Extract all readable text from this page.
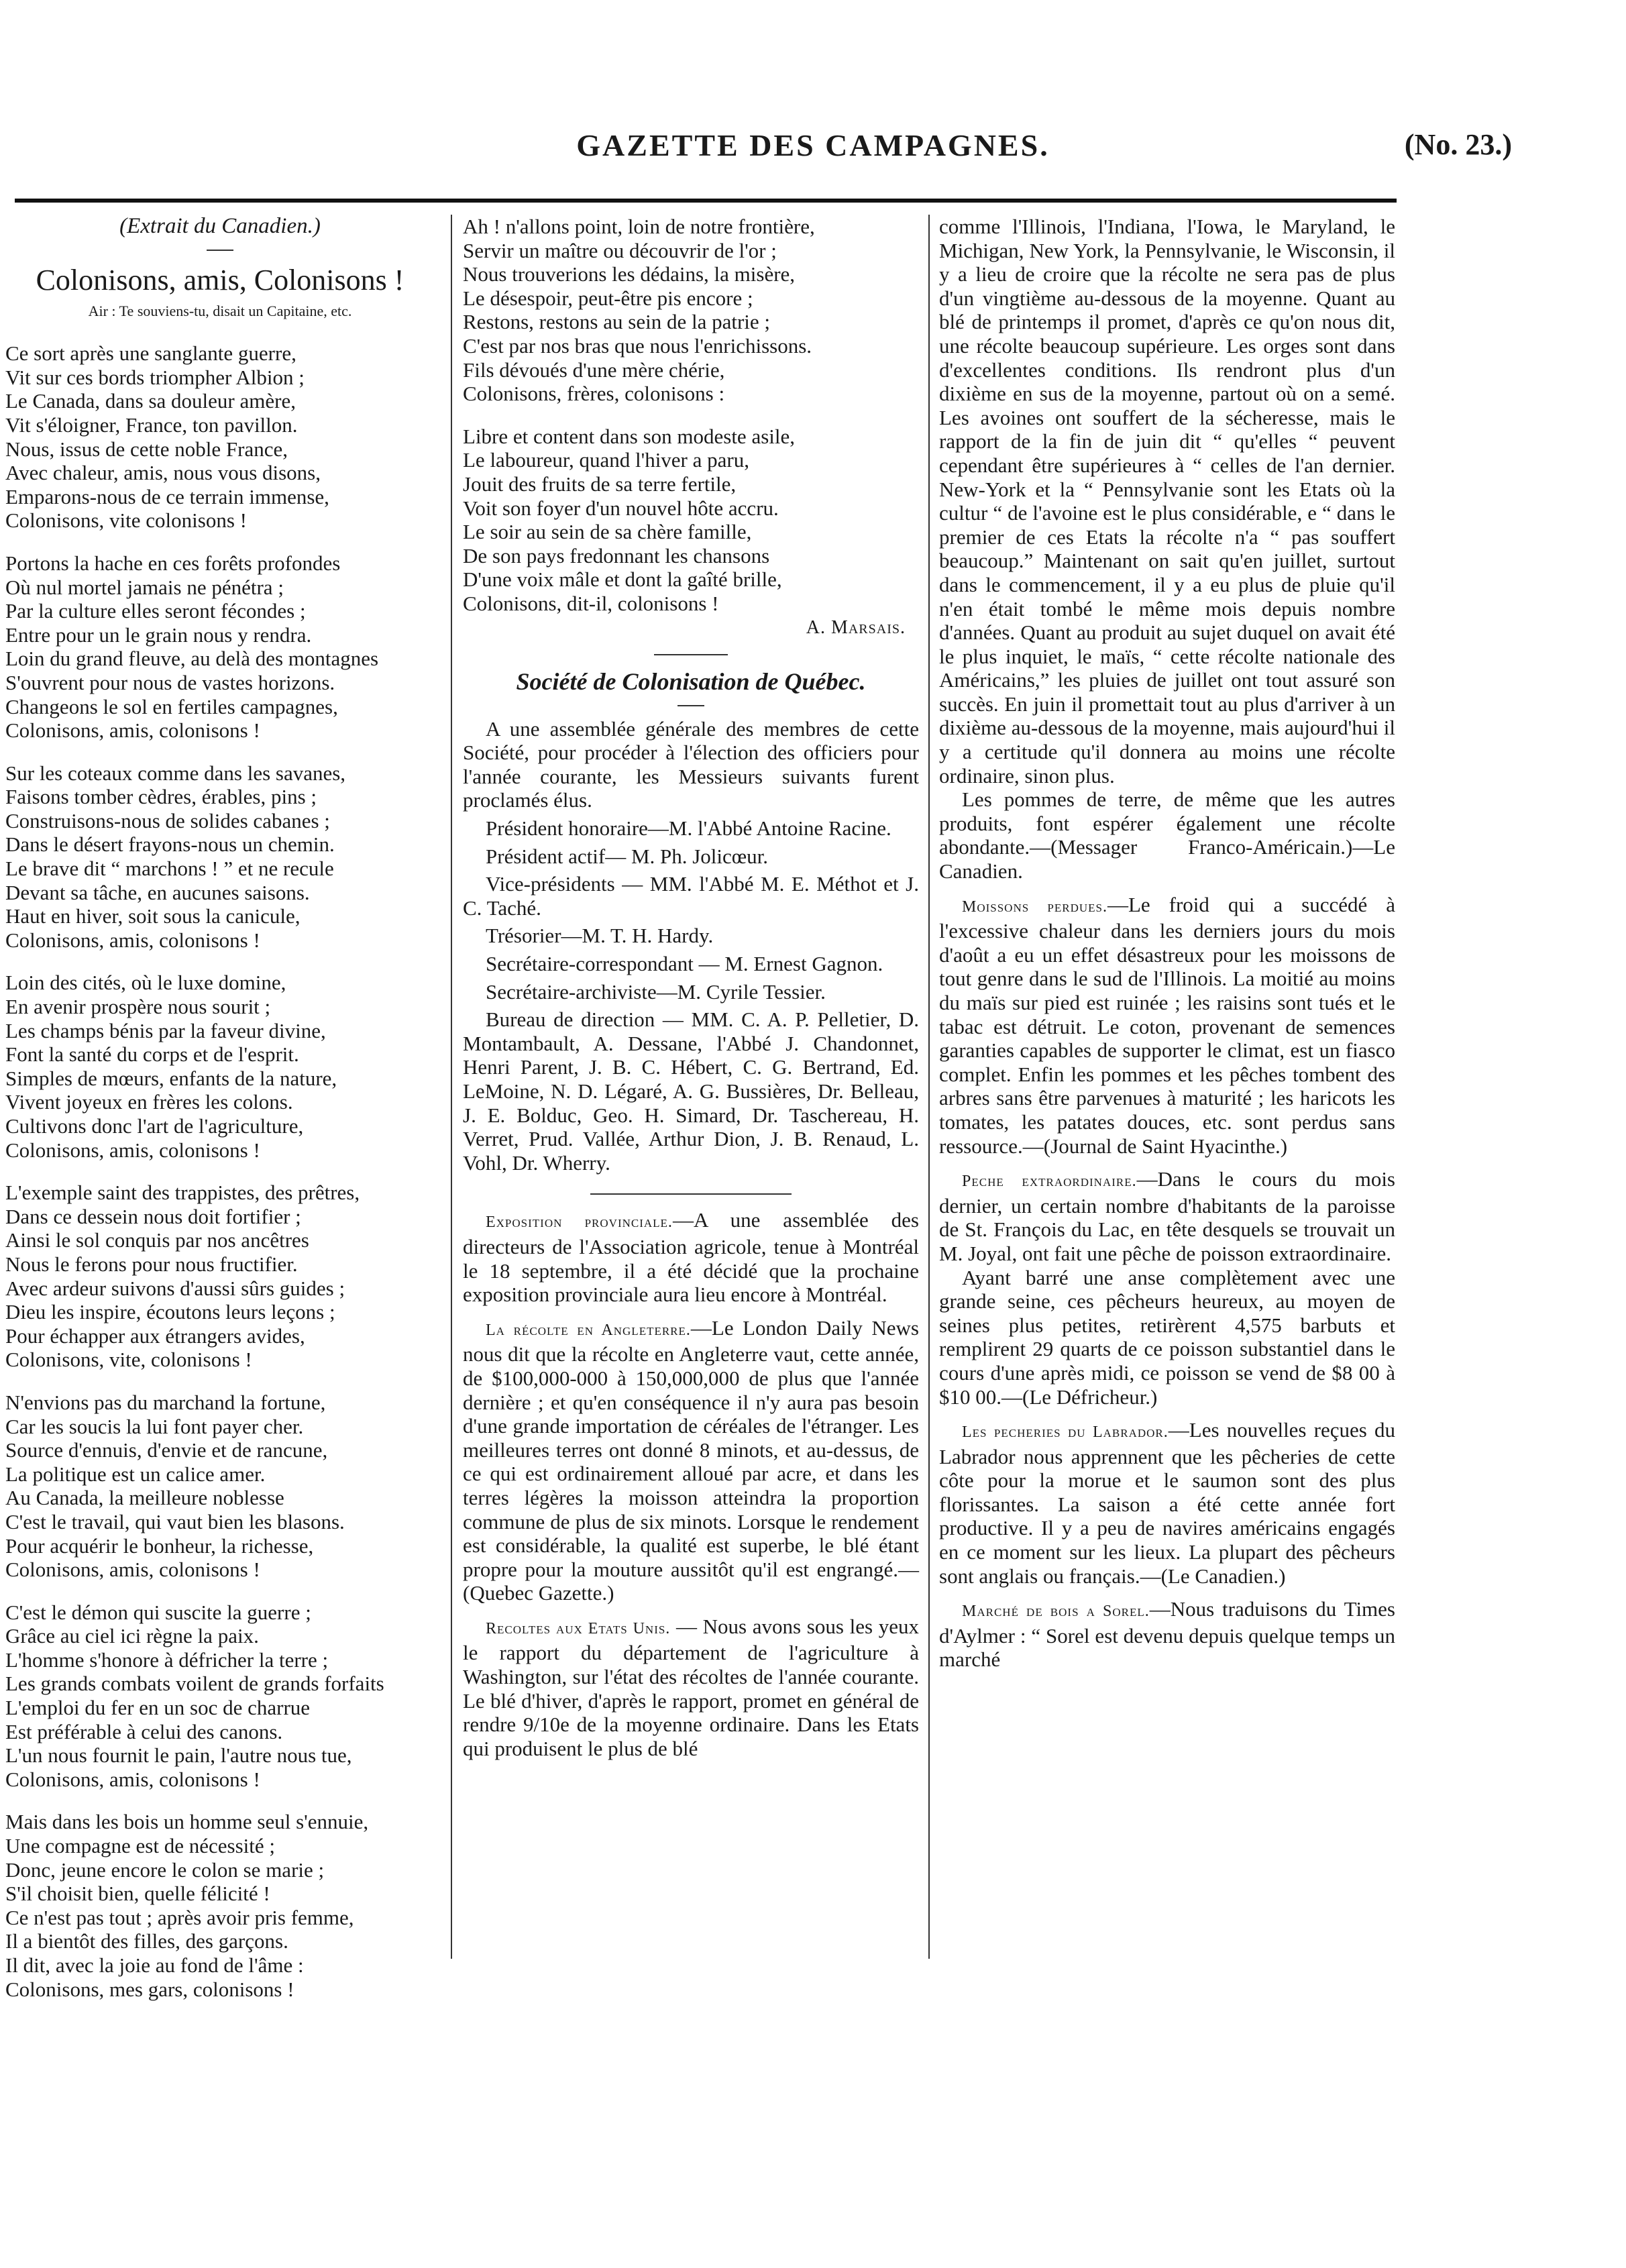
GAZETTE DES CAMPAGNES.	(No. 23.)

(Extrait du Canadien.)

Colonisons, amis, Colonisons !

Air : Te souviens-tu, disait un Capitaine, etc.

Ce sort après une sanglante guerre,

Vit sur ces bords triompher Albion ;

Le Canada, dans sa douleur amère,

Vit s'éloigner, France, ton pavillon.

Nous, issus de cette noble France,

Avec chaleur, amis, nous vous disons,

Emparons-nous de ce terrain immense,

Colonisons, vite colonisons !

Portons la hache en ces forêts profondes

Où nul mortel jamais ne pénétra ;

Par la culture elles seront fécondes ;

Entre pour un le grain nous y rendra.

Loin du grand fleuve, au delà des montagnes

S'ouvrent pour nous de vastes horizons.

Changeons le sol en fertiles campagnes,

Colonisons, amis, colonisons !

Sur les coteaux comme dans les savanes,

Faisons tomber cèdres, érables, pins ;

Construisons-nous de solides cabanes ;

Dans le désert frayons-nous un chemin.

Le brave dit “ marchons ! ” et ne recule

Devant sa tâche, en aucunes saisons.

Haut en hiver, soit sous la canicule,

Colonisons, amis, colonisons !

Loin des cités, où le luxe domine,

En avenir prospère nous sourit ;

Les champs bénis par la faveur divine,

Font la santé du corps et de l'esprit.

Simples de mœurs, enfants de la nature,

Vivent joyeux en frères les colons.

Cultivons donc l'art de l'agriculture,

Colonisons, amis, colonisons !

L'exemple saint des trappistes, des prêtres,

Dans ce dessein nous doit fortifier ;

Ainsi le sol conquis par nos ancêtres

Nous le ferons pour nous fructifier.

Avec ardeur suivons d'aussi sûrs guides ;

Dieu les inspire, écoutons leurs leçons ;

Pour échapper aux étrangers avides,

Colonisons, vite, colonisons !

N'envions pas du marchand la fortune,

Car les soucis la lui font payer cher.

Source d'ennuis, d'envie et de rancune,

La politique est un calice amer.

Au Canada, la meilleure noblesse

C'est le travail, qui vaut bien les blasons.

Pour acquérir le bonheur, la richesse,

Colonisons, amis, colonisons !

C'est le démon qui suscite la guerre ;

Grâce au ciel ici règne la paix.

L'homme s'honore à défricher la terre ;

Les grands combats voilent de grands forfaits

L'emploi du fer en un soc de charrue

Est préférable à celui des canons.

L'un nous fournit le pain, l'autre nous tue,

Colonisons, amis, colonisons !

Mais dans les bois un homme seul s'ennuie,

Une compagne est de nécessité ;

Donc, jeune encore le colon se marie ;

S'il choisit bien, quelle félicité !

Ce n'est pas tout ; après avoir pris femme,

Il a bientôt des filles, des garçons.

Il dit, avec la joie au fond de l'âme :

Colonisons, mes gars, colonisons !

Ah ! n'allons point, loin de notre frontière,

Servir un maître ou découvrir de l'or ;

Nous trouverions les dédains, la misère,

Le désespoir, peut-être pis encore ;

Restons, restons au sein de la patrie ;

C'est par nos bras que nous l'enrichissons.

Fils dévoués d'une mère chérie,

Colonisons, frères, colonisons :

Libre et content dans son modeste asile,

Le laboureur, quand l'hiver a paru,

Jouit des fruits de sa terre fertile,

Voit son foyer d'un nouvel hôte accru.

Le soir au sein de sa chère famille,

De son pays fredonnant les chansons

D'une voix mâle et dont la gaîté brille,

Colonisons, dit-il, colonisons !

A. Marsais.

Société de Colonisation de Québec.

A une assemblée générale des membres de cette Société, pour procéder à l'élection des officiers pour l'année courante, les Messieurs suivants furent proclamés élus.

Président honoraire—M. l'Abbé Antoine Racine.

Président actif— M. Ph. Jolicœur.

Vice-présidents — MM. l'Abbé M. E. Méthot et J. C. Taché.

Trésorier—M. T. H. Hardy.

Secrétaire-correspondant — M. Ernest Gagnon.

Secrétaire-archiviste—M. Cyrile Tessier.

Bureau de direction — MM. C. A. P. Pelletier, D. Montambault, A. Dessane, l'Abbé J. Chandonnet, Henri Parent, J. B. C. Hébert, C. G. Bertrand, Ed. LeMoine, N. D. Légaré, A. G. Bussières, Dr. Belleau, J. E. Bolduc, Geo. H. Simard, Dr. Taschereau, H. Verret, Prud. Vallée, Arthur Dion, J. B. Renaud, L. Vohl, Dr. Wherry.

Exposition provinciale.—A une assemblée des directeurs de l'Association agricole, tenue à Montréal le 18 septembre, il a été décidé que la prochaine exposition provinciale aura lieu encore à Montréal.

La récolte en Angleterre.—Le London Daily News nous dit que la récolte en Angleterre vaut, cette année, de $100,000-000 à 150,000,000 de plus que l'année dernière ; et qu'en conséquence il n'y aura pas besoin d'une grande importation de céréales de l'étranger. Les meilleures terres ont donné 8 minots, et au-dessus, de ce qui est ordinairement alloué par acre, et dans les terres légères la moisson atteindra la proportion commune de plus de six minots. Lorsque le rendement est considérable, la qualité est superbe, le blé étant propre pour la mouture aussitôt qu'il est engrangé.—(Quebec Gazette.)

Recoltes aux Etats Unis. — Nous avons sous les yeux le rapport du département de l'agriculture à Washington, sur l'état des récoltes de l'année courante. Le blé d'hiver, d'après le rapport, promet en général de rendre 9/10e de la moyenne ordinaire. Dans les Etats qui produisent le plus de blé

comme l'Illinois, l'Indiana, l'Iowa, le Maryland, le Michigan, New York, la Pennsylvanie, le Wisconsin, il y a lieu de croire que la récolte ne sera pas de plus d'un vingtième au-dessous de la moyenne. Quant au blé de printemps il promet, d'après ce qu'on nous dit, une récolte beaucoup supérieure. Les orges sont dans d'excellentes conditions. Ils rendront plus d'un dixième en sus de la moyenne, partout où on a semé. Les avoines ont souffert de la sécheresse, mais le rapport de la fin de juin dit “ qu'elles “ peuvent cependant être supérieures à “ celles de l'an dernier. New-York et la “ Pennsylvanie sont les Etats où la cultur “ de l'avoine est le plus considérable, e “ dans le premier de ces Etats la récolte n'a “ pas souffert beaucoup.” Maintenant on sait qu'en juillet, surtout dans le commencement, il y a eu plus de pluie qu'il n'en était tombé le même mois depuis nombre d'années. Quant au produit au sujet duquel on avait été le plus inquiet, le maïs, “ cette récolte nationale des Américains,” les pluies de juillet ont tout assuré son succès. En juin il promettait tout au plus d'arriver à un dixième au-dessous de la moyenne, mais aujourd'hui il y a certitude qu'il donnera au moins une récolte ordinaire, sinon plus.

Les pommes de terre, de même que les autres produits, font espérer également une récolte abondante.—(Messager Franco-Américain.)—Le Canadien.

Moissons perdues.—Le froid qui a succédé à l'excessive chaleur dans les derniers jours du mois d'août a eu un effet désastreux pour les moissons de tout genre dans le sud de l'Illinois. La moitié au moins du maïs sur pied est ruinée ; les raisins sont tués et le tabac est détruit. Le coton, provenant de semences garanties capables de supporter le climat, est un fiasco complet. Enfin les pommes et les pêches tombent des arbres sans être parvenues à maturité ; les haricots les tomates, les patates douces, etc. sont perdus sans ressource.—(Journal de Saint Hyacinthe.)

Peche extraordinaire.—Dans le cours du mois dernier, un certain nombre d'habitants de la paroisse de St. François du Lac, en tête desquels se trouvait un M. Joyal, ont fait une pêche de poisson extraordinaire.

Ayant barré une anse complètement avec une grande seine, ces pêcheurs heureux, au moyen de seines plus petites, retirèrent 4,575 barbuts et remplirent 29 quarts de ce poisson substantiel dans le cours d'une après midi, ce poisson se vend de $8 00 à $10 00.—(Le Défricheur.)

Les pecheries du Labrador.—Les nouvelles reçues du Labrador nous apprennent que les pêcheries de cette côte pour la morue et le saumon sont des plus florissantes. La saison a été cette année fort productive. Il y a peu de navires américains engagés en ce moment sur les lieux. La plupart des pêcheurs sont anglais ou français.—(Le Canadien.)

Marché de bois a Sorel.—Nous traduisons du Times d'Aylmer : “ Sorel est devenu depuis quelque temps un marché
